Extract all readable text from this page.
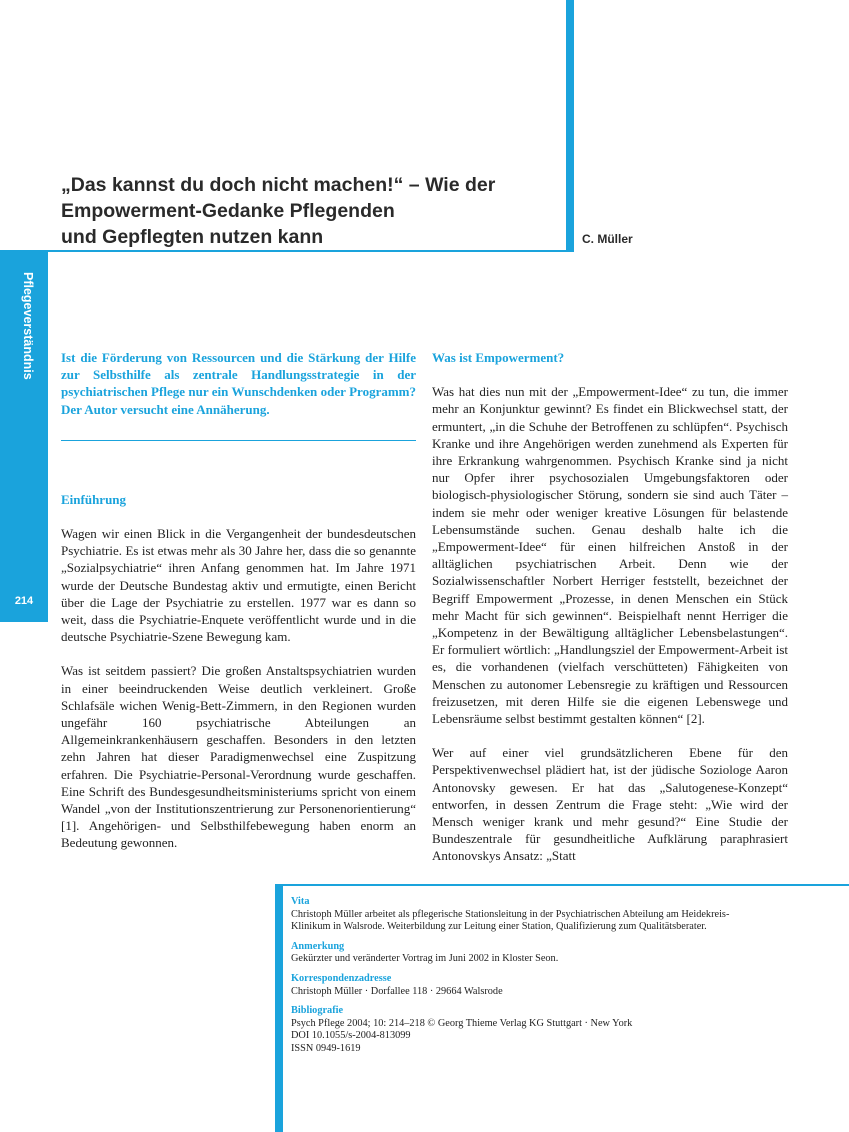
„Das kannst du doch nicht machen!“ – Wie der
Empowerment-Gedanke Pflegenden
und Gepflegten nutzen kann	C. Müller
Pflegeverständnis
214

Ist die Förderung von Ressourcen und die Stärkung der Hilfe zur Selbsthilfe als zentrale Handlungsstrategie in der psychiatrischen Pflege nur ein Wunschdenken oder Programm? Der Autor versucht eine Annäherung.

Einführung

Wagen wir einen Blick in die Vergangenheit der bundesdeutschen Psychiatrie. Es ist etwas mehr als 30 Jahre her, dass die so genannte „Sozialpsychiatrie“ ihren Anfang genommen hat. Im Jahre 1971 wurde der Deutsche Bundestag aktiv und ermutigte, einen Bericht über die Lage der Psychiatrie zu erstellen. 1977 war es dann so weit, dass die Psychiatrie-Enquete veröffentlicht wurde und in die deutsche Psychiatrie-Szene Bewegung kam.

Was ist seitdem passiert? Die großen Anstaltspsychiatrien wurden in einer beeindruckenden Weise deutlich verkleinert. Große Schlafsäle wichen Wenig-Bett-Zimmern, in den Regionen wurden ungefähr 160 psychiatrische Abteilungen an Allgemeinkrankenhäusern geschaffen. Besonders in den letzten zehn Jahren hat dieser Paradigmenwechsel eine Zuspitzung erfahren. Die Psychiatrie-Personal-Verordnung wurde geschaffen. Eine Schrift des Bundesgesundheitsministeriums spricht von einem Wandel „von der Institutionszentrierung zur Personenorientierung“ [1]. Angehörigen- und Selbsthilfebewegung haben enorm an Bedeutung gewonnen.

Was ist Empowerment?

Was hat dies nun mit der „Empowerment-Idee“ zu tun, die immer mehr an Konjunktur gewinnt? Es findet ein Blickwechsel statt, der ermuntert, „in die Schuhe der Betroffenen zu schlüpfen“. Psychisch Kranke und ihre Angehörigen werden zunehmend als Experten für ihre Erkrankung wahrgenommen. Psychisch Kranke sind ja nicht nur Opfer ihrer psychosozialen Umgebungsfaktoren oder biologisch-physiologischer Störung, sondern sie sind auch Täter – indem sie mehr oder weniger kreative Lösungen für belastende Lebensumstände suchen. Genau deshalb halte ich die „Empowerment-Idee“ für einen hilfreichen Anstoß in der alltäglichen psychiatrischen Arbeit. Denn wie der Sozialwissenschaftler Norbert Herriger feststellt, bezeichnet der Begriff Empowerment „Prozesse, in denen Menschen ein Stück mehr Macht für sich gewinnen“. Beispielhaft nennt Herriger die „Kompetenz in der Bewältigung alltäglicher Lebensbelastungen“. Er formuliert wörtlich: „Handlungsziel der Empowerment-Arbeit ist es, die vorhandenen (vielfach verschütteten) Fähigkeiten von Menschen zu autonomer Lebensregie zu kräftigen und Ressourcen freizusetzen, mit deren Hilfe sie die eigenen Lebenswege und Lebensräume selbst bestimmt gestalten können“ [2].

Wer auf einer viel grundsätzlicheren Ebene für den Perspektivenwechsel plädiert hat, ist der jüdische Soziologe Aaron Antonovsky gewesen. Er hat das „Salutogenese-Konzept“ entworfen, in dessen Zentrum die Frage steht: „Wie wird der Mensch weniger krank und mehr gesund?“ Eine Studie der Bundeszentrale für gesundheitliche Aufklärung paraphrasiert Antonovskys Ansatz: „Statt

Vita
Christoph Müller arbeitet als pflegerische Stationsleitung in der Psychiatrischen Abteilung am Heidekreis-Klinikum in Walsrode. Weiterbildung zur Leitung einer Station, Qualifizierung zum Qualitätsberater.
Anmerkung
Gekürzter und veränderter Vortrag im Juni 2002 in Kloster Seon.
Korrespondenzadresse
Christoph Müller · Dorfallee 118 · 29664 Walsrode
Bibliografie
Psych Pflege 2004; 10: 214–218 © Georg Thieme Verlag KG Stuttgart · New York
DOI 10.1055/s-2004-813099
ISSN 0949-1619
